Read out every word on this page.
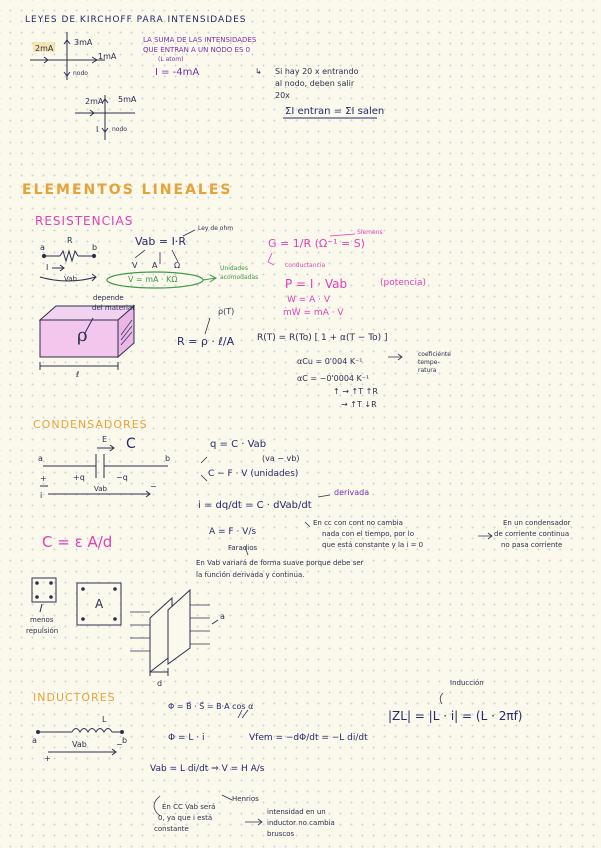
LEYES DE KIRCHOFF PARA INTENSIDADES
2mA
3mA
1mA
nodo
LA SUMA DE LAS INTENSIDADES
QUE ENTRAN A UN NODO ES 0
(L atom)
I = -4mA	↳ Si hay 20 x entrando
al nodo, deben salir
20x
ΣI entran = ΣI salen
2mA 5mA
I nodo
ELEMENTOS LINEALES
RESISTENCIAS
a	b
R
I
Vab
Ley de ohm
Vab = I·R
V A Ω
V = mA · KΩ
Unidades
acomodadas
G = 1/R (Ω⁻¹ = S)
Siemens
conductancia
P = I · Vab	(potencia)
W = A · V
mW = mA · V
depende
del material
ρ
ℓ
ρ(T)
R = ρ · ℓ/A	R(T) = R(To) [ 1 + α(T − To) ]
αCu = 0'004 K⁻¹
αC = −0'0004 K⁻¹
coeficiente
tempe-
ratura
↑ → ↑T ↑R
→ ↑T ↓R
CONDENSADORES
a	b
E C
+q	−q
+
−
i
Vab
q = C · Vab
(va − vb)
C − F · V (unidades)
i = dq/dt = C · dVab/dt
derivada
A = F · V/s
Faradios
En cc con cont no cambia
nada con el tiempo, por lo
que está constante y la i = 0
En un condensador
de corriente continua
no pasa corriente
C = ε A/d
En Vab variará de forma suave porque debe ser
la función derivada y continua.
menos
repulsión
A
d
a
INDUCTORES
L
a	b
+
−
Vab
Φ = B⃗ · S⃗ = B·A cos α
Φ = L · i	Vfem = −dΦ/dt = −L di/dt
Vab = L di/dt ⇒ V = H A/s
Henrios
Inducción
|ZL| = |L · i| = (L · 2πf)
En CC Vab será
0, ya que i está
constante
intensidad en un
inductor no cambia
bruscos
